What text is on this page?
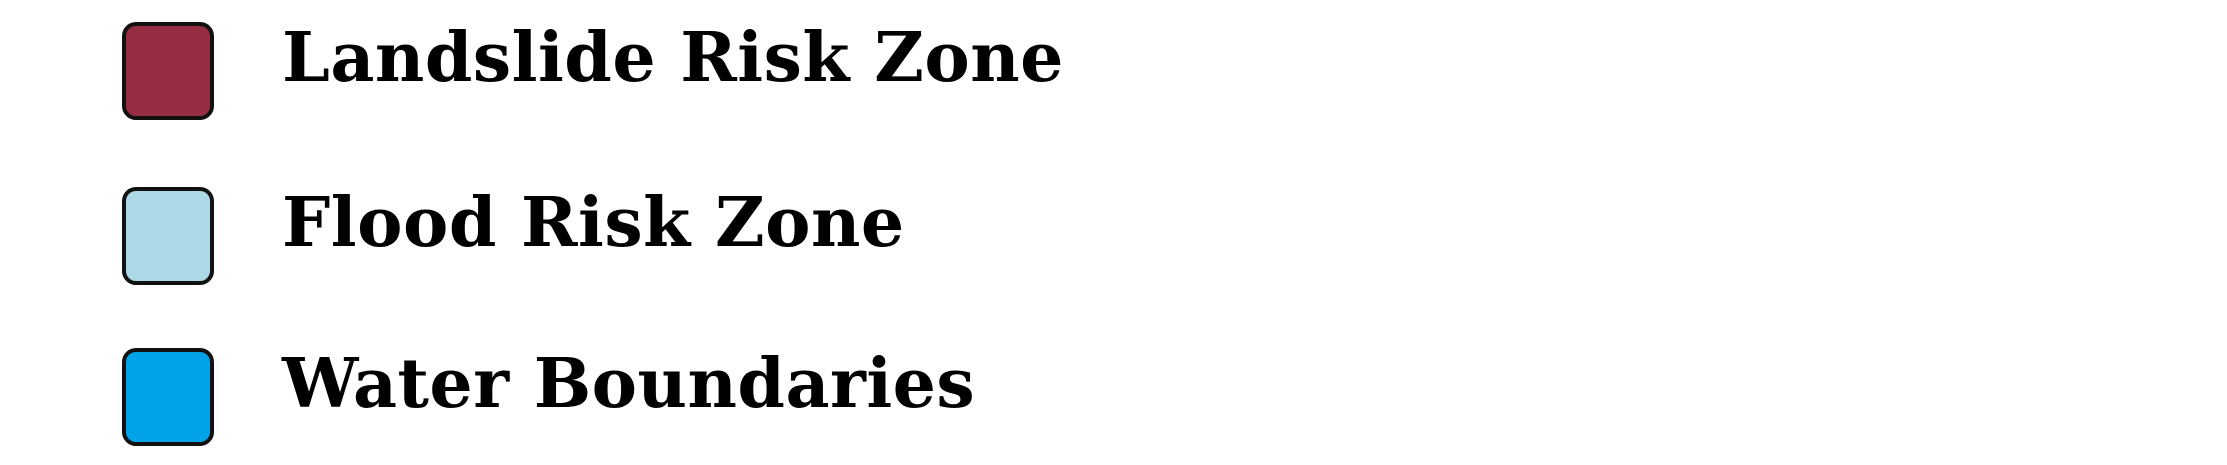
Landslide Risk Zone
Flood Risk Zone
Water Boundaries
